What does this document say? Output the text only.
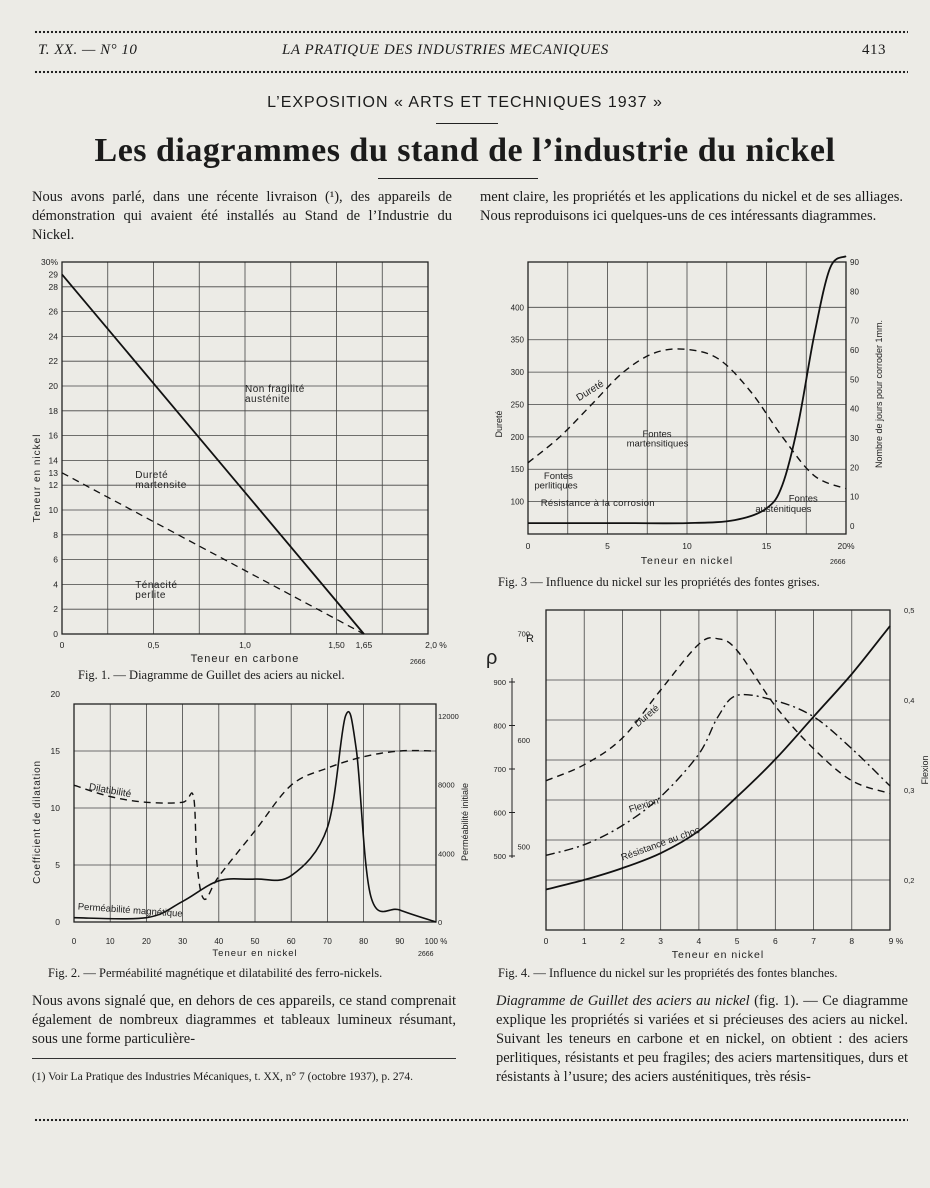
T. XX. — N° 10	LA PRATIQUE DES INDUSTRIES MECANIQUES	413
L’EXPOSITION « ARTS ET TECHNIQUES 1937 »
Les diagrammes du stand de l’industrie du nickel
Nous avons parlé, dans une récente livraison (¹), des appareils de démonstration qui avaient été installés au Stand de l’Industrie du Nickel.
ment claire, les propriétés et les applications du nickel et de ses alliages. Nous reproduisons ici quelques-uns de ces intéressants diagrammes.
0
2
4
6
8
10
12
13
14
16
18
20
22
24
26
28
29
30%
0	0,5	1,0	1,50 1,65	2,0 %
Teneur en carbone
Teneur en nickel
Non fragilité
austénite
Dureté
martensite
Ténacité
perlite
2666
Fig. 1. — Diagramme de Guillet des aciers au nickel.
100
150
200
250
300
350
400
0
10
20
30
40
50
60
70
80
90
0	5	10	15	20%
Teneur en nickel
Dureté	Nombre de jours pour corroder 1mm.
Dureté
Résistance à la corrosion
Fontes
martensitiques
Fontes
perlitiques
Fontes
austénitiques
2666
Fig. 3 — Influence du nickel sur les propriétés des fontes grises.
0
5
10
15
20
0
4000
8000
12000
0	10	20	30	40	50	60	70	80	90	100 %
Teneur en nickel
Coefficient de dilatation	Perméabilité initiale
Dilatibilité
Perméabilité magnétique
2666
Fig. 2. — Perméabilité magnétique et dilatabilité des ferro-nickels.
0	1	2	3	4	5	6	7	8	9 %
Teneur en nickel
R
500
600
700
ρ
500
600
700
800
900
0,2
0,3
0,4
0,5
Flexion
Dureté
Flexion
Résistance au choc
Fig. 4. — Influence du nickel sur les propriétés des fontes blanches.
Nous avons signalé que, en dehors de ces appareils, ce stand comprenait également de nombreux diagrammes et tableaux lumineux résumant, sous une forme particulière-
(1) Voir La Pratique des Industries Mécaniques, t. XX, n° 7 (octobre 1937), p. 274.
Diagramme de Guillet des aciers au nickel (fig. 1). — Ce diagramme explique les propriétés si variées et si précieuses des aciers au nickel. Suivant les teneurs en carbone et en nickel, on obtient : des aciers perlitiques, résistants et peu fragiles; des aciers martensitiques, durs et résistants à l’usure; des aciers austénitiques, très résis-
